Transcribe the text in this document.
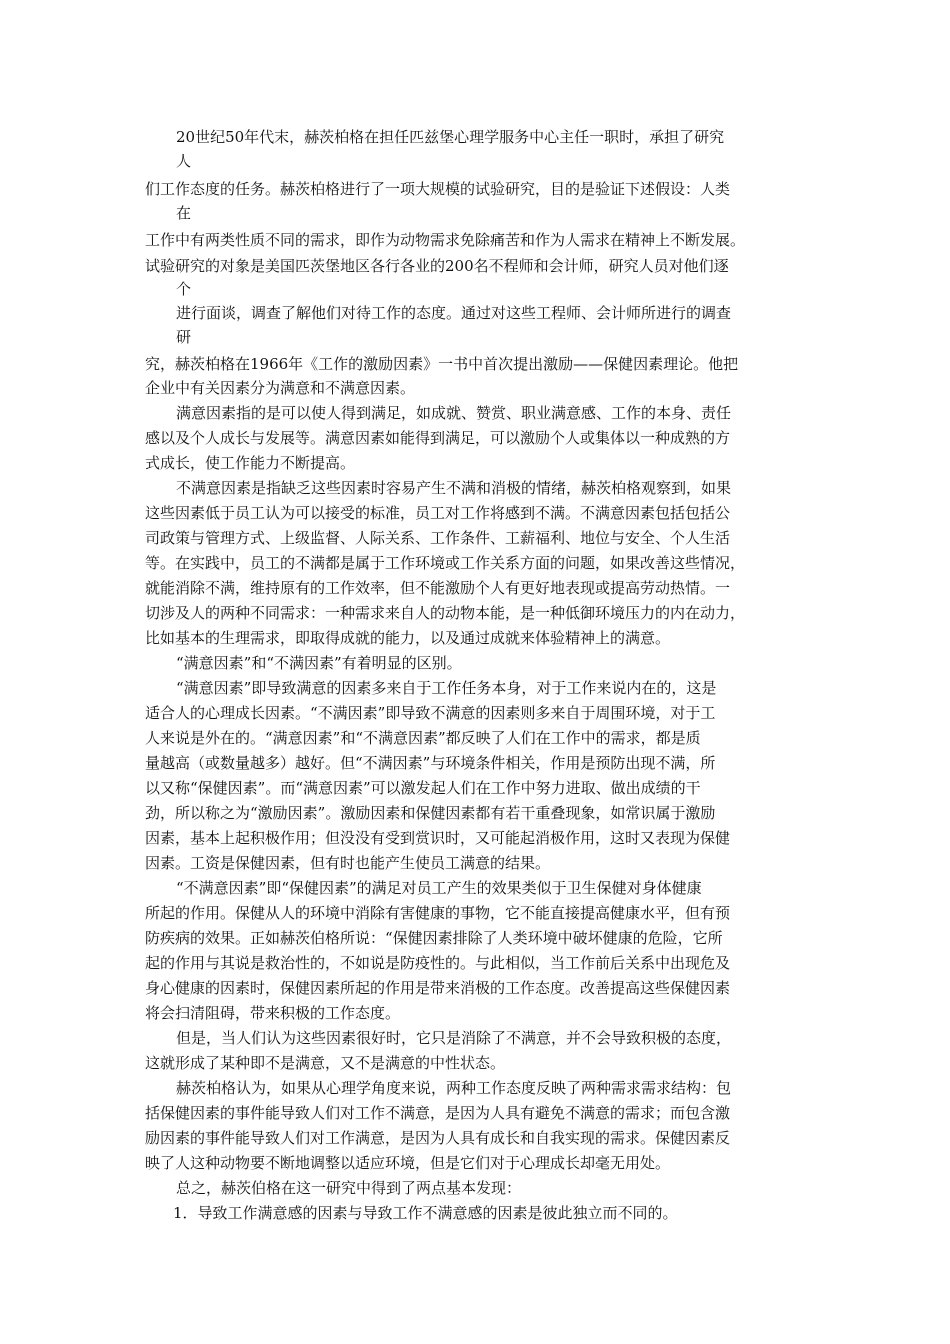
20世纪50年代末，赫茨柏格在担任匹兹堡心理学服务中心主任一职时，承担了研究
人
们工作态度的任务。赫茨柏格进行了一项大规模的试验研究，目的是验证下述假设：人类
在
工作中有两类性质不同的需求，即作为动物需求免除痛苦和作为人需求在精神上不断发展。
试验研究的对象是美国匹茨堡地区各行各业的200名不程师和会计师，研究人员对他们逐
个
进行面谈，调查了解他们对待工作的态度。通过对这些工程师、会计师所进行的调查
研
究，赫茨柏格在1966年《工作的激励因素》一书中首次提出激励——保健因素理论。他把
企业中有关因素分为满意和不满意因素。
满意因素指的是可以使人得到满足，如成就、赞赏、职业满意感、工作的本身、责任
感以及个人成长与发展等。满意因素如能得到满足，可以激励个人或集体以一种成熟的方
式成长，使工作能力不断提高。
不满意因素是指缺乏这些因素时容易产生不满和消极的情绪，赫茨柏格观察到，如果
这些因素低于员工认为可以接受的标准，员工对工作将感到不满。不满意因素包括包括公
司政策与管理方式、上级监督、人际关系、工作条件、工薪福利、地位与安全、个人生活
等。在实践中，员工的不满都是属于工作环境或工作关系方面的问题，如果改善这些情况，
就能消除不满，维持原有的工作效率，但不能激励个人有更好地表现或提高劳动热情。一
切涉及人的两种不同需求：一种需求来自人的动物本能，是一种低御环境压力的内在动力，
比如基本的生理需求，即取得成就的能力，以及通过成就来体验精神上的满意。
“满意因素”和“不满因素”有着明显的区别。
“满意因素”即导致满意的因素多来自于工作任务本身，对于工作来说内在的，这是
适合人的心理成长因素。“不满因素”即导致不满意的因素则多来自于周围环境，对于工
人来说是外在的。“满意因素”和“不满意因素”都反映了人们在工作中的需求，都是质
量越高（或数量越多）越好。但“不满因素”与环境条件相关，作用是预防出现不满，所
以又称“保健因素”。而“满意因素”可以激发起人们在工作中努力进取、做出成绩的干
劲，所以称之为“激励因素”。激励因素和保健因素都有若干重叠现象，如常识属于激励
因素，基本上起积极作用；但没没有受到赏识时，又可能起消极作用，这时又表现为保健
因素。工资是保健因素，但有时也能产生使员工满意的结果。
“不满意因素”即“保健因素”的满足对员工产生的效果类似于卫生保健对身体健康
所起的作用。保健从人的环境中消除有害健康的事物，它不能直接提高健康水平，但有预
防疾病的效果。正如赫茨伯格所说：“保健因素排除了人类环境中破坏健康的危险，它所
起的作用与其说是救治性的，不如说是防疫性的。与此相似，当工作前后关系中出现危及
身心健康的因素时，保健因素所起的作用是带来消极的工作态度。改善提高这些保健因素
将会扫清阻碍，带来积极的工作态度。
但是，当人们认为这些因素很好时，它只是消除了不满意，并不会导致积极的态度，
这就形成了某种即不是满意，又不是满意的中性状态。
赫茨柏格认为，如果从心理学角度来说，两种工作态度反映了两种需求需求结构：包
括保健因素的事件能导致人们对工作不满意，是因为人具有避免不满意的需求；而包含激
励因素的事件能导致人们对工作满意，是因为人具有成长和自我实现的需求。保健因素反
映了人这种动物要不断地调整以适应环境，但是它们对于心理成长却毫无用处。
总之，赫茨伯格在这一研究中得到了两点基本发现：
1．导致工作满意感的因素与导致工作不满意感的因素是彼此独立而不同的。
